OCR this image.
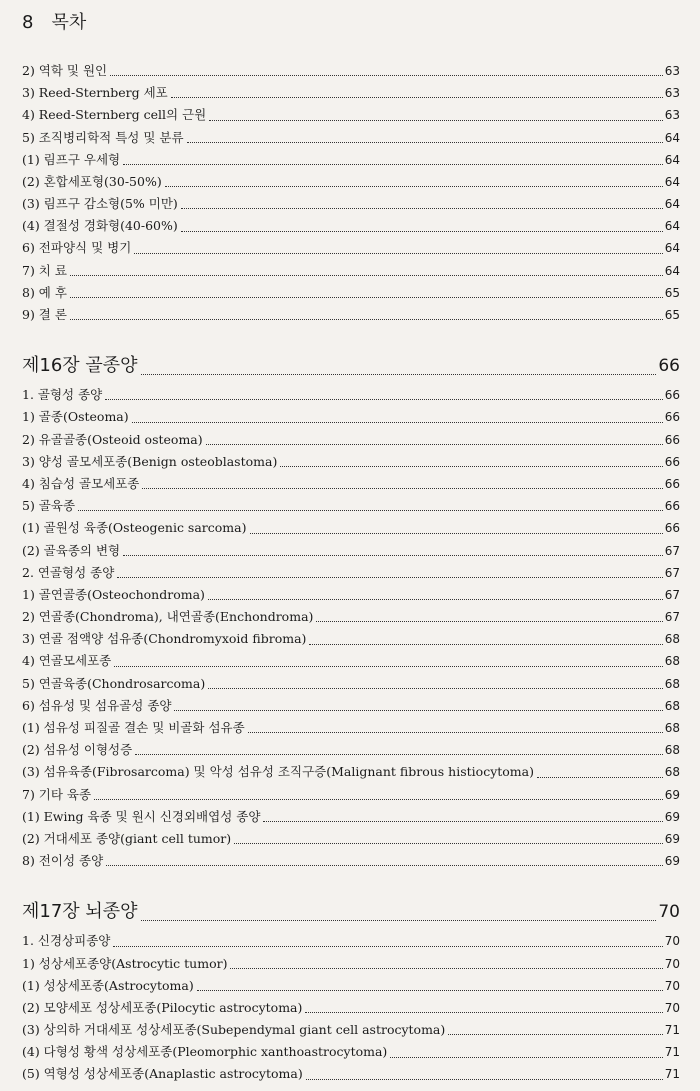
8 목차
2) 역학 및 원인	63
3) Reed-Sternberg 세포	63
4) Reed-Sternberg cell의 근원	63
5) 조직병리학적 특성 및 분류	64
(1) 림프구 우세형	64
(2) 혼합세포형(30-50%)	64
(3) 림프구 감소형(5% 미만)	64
(4) 결절성 경화형(40-60%)	64
6) 전파양식 및 병기	64
7) 치 료	64
8) 예 후	65
9) 결 론	65
제16장 골종양	66
1. 골형성 종양	66
1) 골종(Osteoma)	66
2) 유골골종(Osteoid osteoma)	66
3) 양성 골모세포종(Benign osteoblastoma)	66
4) 침습성 골모세포종	66
5) 골육종	66
(1) 골원성 육종(Osteogenic sarcoma)	66
(2) 골육종의 변형	67
2. 연골형성 종양	67
1) 골연골종(Osteochondroma)	67
2) 연골종(Chondroma), 내연골종(Enchondroma)	67
3) 연골 점액양 섬유종(Chondromyxoid fibroma)	68
4) 연골모세포종	68
5) 연골육종(Chondrosarcoma)	68
6) 섬유성 및 섬유골성 종양	68
(1) 섬유성 피질골 결손 및 비골화 섬유종	68
(2) 섬유성 이형성증	68
(3) 섬유육종(Fibrosarcoma) 및 악성 섬유성 조직구증(Malignant fibrous histiocytoma)	68
7) 기타 육종	69
(1) Ewing 육종 및 원시 신경외배엽성 종양	69
(2) 거대세포 종양(giant cell tumor)	69
8) 전이성 종양	69
제17장 뇌종양	70
1. 신경상피종양	70
1) 성상세포종양(Astrocytic tumor)	70
(1) 성상세포종(Astrocytoma)	70
(2) 모양세포 성상세포종(Pilocytic astrocytoma)	70
(3) 상의하 거대세포 성상세포종(Subependymal giant cell astrocytoma)	71
(4) 다형성 황색 성상세포종(Pleomorphic xanthoastrocytoma)	71
(5) 역형성 성상세포종(Anaplastic astrocytoma)	71
